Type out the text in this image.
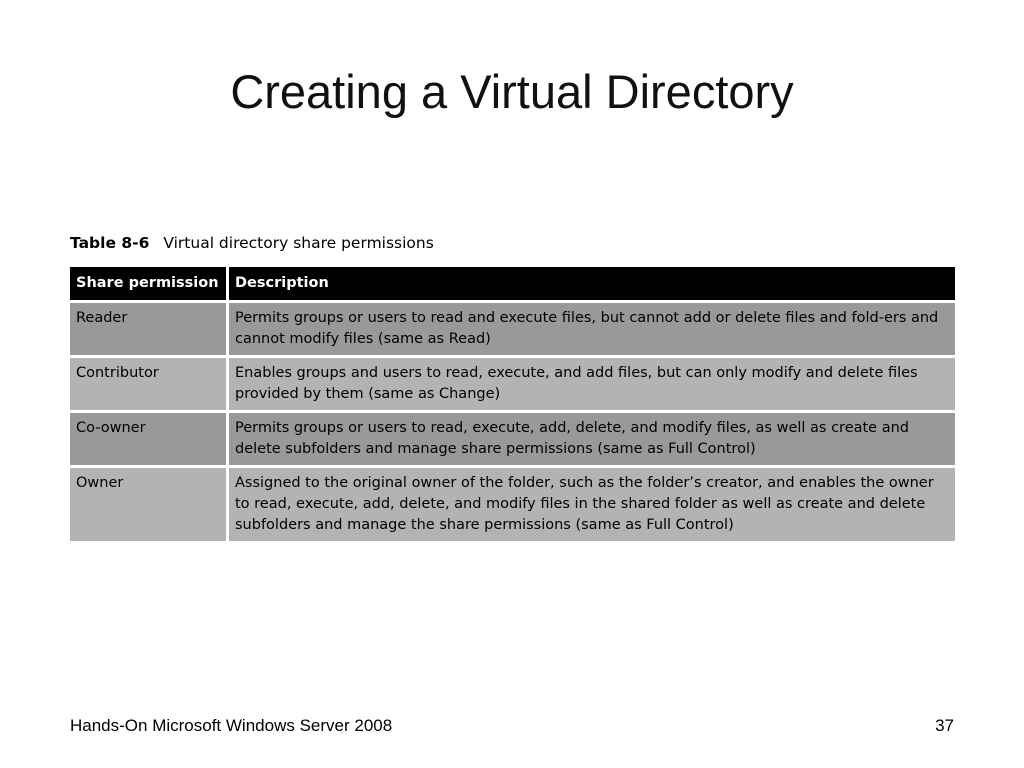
Creating a Virtual Directory
Table 8-6 Virtual directory share permissions
Share permission	Description
Reader	Permits groups or users to read and execute files, but cannot add or delete files and fold-ers and cannot modify files (same as Read)
Contributor	Enables groups and users to read, execute, and add files, but can only modify and delete files provided by them (same as Change)
Co-owner	Permits groups or users to read, execute, add, delete, and modify files, as well as create and delete subfolders and manage share permissions (same as Full Control)
Owner	Assigned to the original owner of the folder, such as the folder’s creator, and enables the owner to read, execute, add, delete, and modify files in the shared folder as well as create and delete subfolders and manage the share permissions (same as Full Control)
Hands-On Microsoft Windows Server 2008	37
